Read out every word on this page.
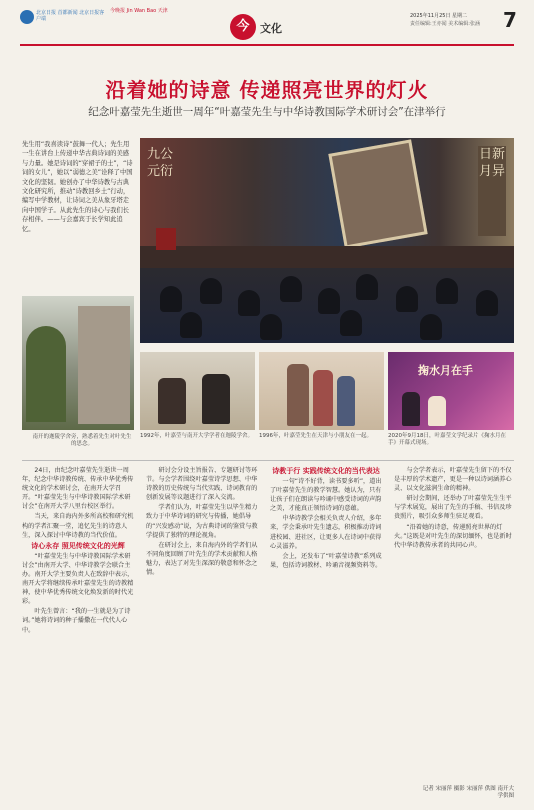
北京日报 首都新闻 北京日报客户端
今晚报 Jin Wan Bao 天津
今 文化
2025年11月25日 星期二
责任编辑:王亦闻 美术编辑:张涵	7
沿着她的诗意 传递照亮世界的灯火
纪念叶嘉莹先生逝世一周年“叶嘉莹先生与中华诗教国际学术研讨会”在津举行
先生用“我喜读诗”鼓舞一代人；先生用一生在讲台上传递中华古典诗词的美感与力量。她是诗词的“穿裙子的士”，“诗词的女儿”，她以“弱德之美”诠释了中国文化的坚韧。她创办了中华诗教与古典文化研究所，推动“诗教回乡土”行动，编写中学教材，让诗词之美从象牙塔走向中国学子。从此先生的诗心与我们长存相伴。——与会嘉宾于长学知此追忆。
九公元衍
日新月异
南开的迦陵学舍旁，熟悉着先生对叶先生的思念。
掬水月在手
1992年，叶嘉莹与南开大学学者在迦陵学舍。	1996年，叶嘉莹先生在天津与小朋友在一起。	2020年9月18日，叶嘉莹文学纪录片《掬水月在手》开幕式现场。

24日，由纪念叶嘉莹先生逝世一周年，纪念中华诗教传统、传承中华优秀传统文化的学术研讨会，在南开大学召开。“叶嘉莹先生与中华诗教国际学术研讨会”在南开大学八里台校区举行。

当天，来自海内外多所高校和研究机构的学者汇聚一堂，追忆先生的诗意人生，深入探讨中华诗教的当代价值。

诗心永存 照见传统文化的光辉

“叶嘉莹先生与中华诗教国际学术研讨会”由南开大学、中华诗教学会联合主办。南开大学主要负责人在致辞中表示，南开大学将继续传承叶嘉莹先生的诗教精神，使中华优秀传统文化焕发新的时代光彩。

叶先生曾言：“我的一生就是为了诗词。”她将诗词的种子播撒在一代代人心中。

研讨会分设主旨报告、专题研讨等环节。与会学者围绕叶嘉莹诗学思想、中华诗教的历史传统与当代实践、诗词教育的创新发展等议题进行了深入交流。

学者们认为，叶嘉莹先生以毕生精力致力于中华诗词的研究与传播，她倡导的“兴发感动”说，为古典诗词的鉴赏与教学提供了独特的理论视角。

在研讨会上，来自海内外的学者们从不同角度回顾了叶先生的学术贡献和人格魅力，表达了对先生深深的敬意和怀念之情。

诗教于行 实践传统文化的当代表达

一句“诗不好背，读书要多听”，道出了叶嘉莹先生的教学智慧。她认为，只有让孩子们在朗读与吟诵中感受诗词的声韵之美，才能真正领悟诗词的意蕴。

中华诗教学会相关负责人介绍，多年来，学会秉承叶先生遗志，积极推动诗词进校园、进社区，让更多人在诗词中获得心灵滋养。

会上，还发布了“叶嘉莹诗教”系列成果，包括诗词教材、吟诵音视频资料等。

与会学者表示，叶嘉莹先生留下的不仅是丰厚的学术遗产，更是一种以诗词涵养心灵、以文化滋润生命的精神。

研讨会期间，还举办了叶嘉莹先生生平与学术展览，展出了先生的手稿、书信及珍贵照片，吸引众多师生驻足观看。

“沿着她的诗意，传递照亮世界的灯火。”这既是对叶先生的深切缅怀，也是新时代中华诗教传承者的共同心声。

记者 宋丽萍 摄影 宋丽萍 供图 南开大学供图
